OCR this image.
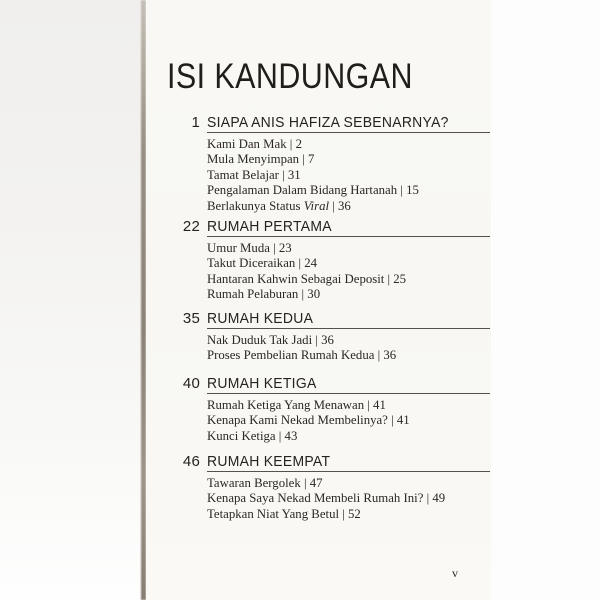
ISI KANDUNGAN
1 SIAPA ANIS HAFIZA SEBENARNYA?
Kami Dan Mak | 2
Mula Menyimpan | 7
Tamat Belajar | 31
Pengalaman Dalam Bidang Hartanah | 15
Berlakunya Status Viral | 36
22 RUMAH PERTAMA
Umur Muda | 23
Takut Diceraikan | 24
Hantaran Kahwin Sebagai Deposit | 25
Rumah Pelaburan | 30
35 RUMAH KEDUA
Nak Duduk Tak Jadi | 36
Proses Pembelian Rumah Kedua | 36
40 RUMAH KETIGA
Rumah Ketiga Yang Menawan | 41
Kenapa Kami Nekad Membelinya? | 41
Kunci Ketiga | 43
46 RUMAH KEEMPAT
Tawaran Bergolek | 47
Kenapa Saya Nekad Membeli Rumah Ini? | 49
Tetapkan Niat Yang Betul | 52
v
